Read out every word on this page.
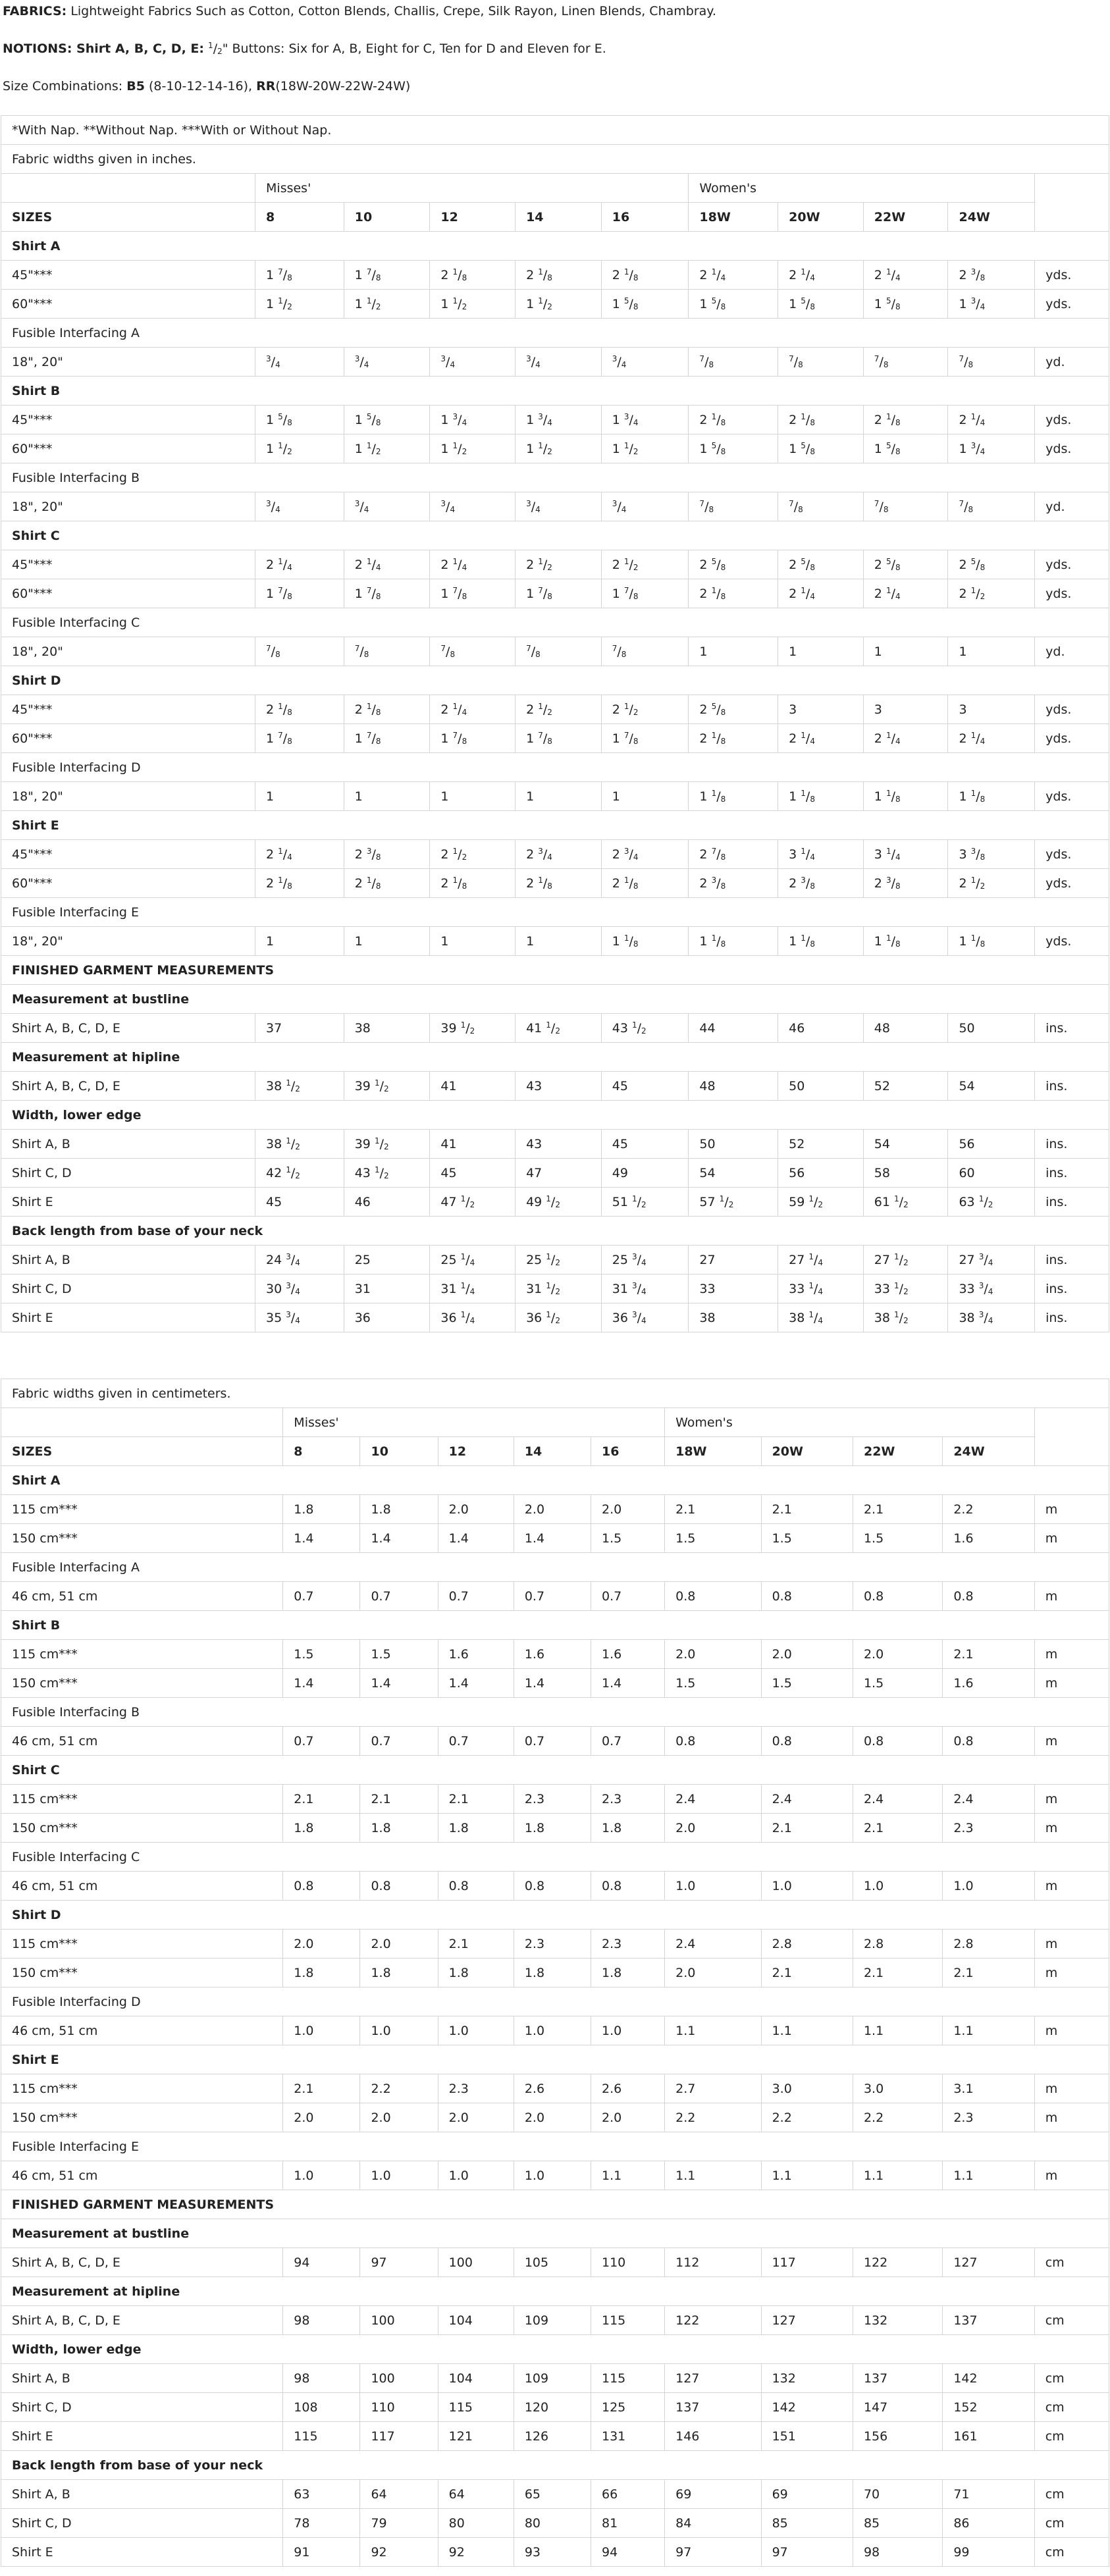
FABRICS: Lightweight Fabrics Such as Cotton, Cotton Blends, Challis, Crepe, Silk Rayon, Linen Blends, Chambray.

NOTIONS: Shirt A, B, C, D, E: $^1/_2$" Buttons: Six for A, B, Eight for C, Ten for D and Eleven for E.

Size Combinations: B5 (8-10-12-14-16), RR(18W-20W-22W-24W)

*With Nap. **Without Nap. ***With or Without Nap.										
Fabric widths given in inches.										
	Misses'					Women's				
SIZES	8	10	12	14	16	18W	20W	22W	24W	
Shirt A										
45"***	1 $^7/_8$	1 $^7/_8$	2 $^1/_8$	2 $^1/_8$	2 $^1/_8$	2 $^1/_4$	2 $^1/_4$	2 $^1/_4$	2 $^3/_8$	yds.
60"***	1 $^1/_2$	1 $^1/_2$	1 $^1/_2$	1 $^1/_2$	1 $^5/_8$	1 $^5/_8$	1 $^5/_8$	1 $^5/_8$	1 $^3/_4$	yds.
Fusible Interfacing A										
18", 20"	$^3/_4$	$^3/_4$	$^3/_4$	$^3/_4$	$^3/_4$	$^7/_8$	$^7/_8$	$^7/_8$	$^7/_8$	yd.
Shirt B										
45"***	1 $^5/_8$	1 $^5/_8$	1 $^3/_4$	1 $^3/_4$	1 $^3/_4$	2 $^1/_8$	2 $^1/_8$	2 $^1/_8$	2 $^1/_4$	yds.
60"***	1 $^1/_2$	1 $^1/_2$	1 $^1/_2$	1 $^1/_2$	1 $^1/_2$	1 $^5/_8$	1 $^5/_8$	1 $^5/_8$	1 $^3/_4$	yds.
Fusible Interfacing B										
18", 20"	$^3/_4$	$^3/_4$	$^3/_4$	$^3/_4$	$^3/_4$	$^7/_8$	$^7/_8$	$^7/_8$	$^7/_8$	yd.
Shirt C										
45"***	2 $^1/_4$	2 $^1/_4$	2 $^1/_4$	2 $^1/_2$	2 $^1/_2$	2 $^5/_8$	2 $^5/_8$	2 $^5/_8$	2 $^5/_8$	yds.
60"***	1 $^7/_8$	1 $^7/_8$	1 $^7/_8$	1 $^7/_8$	1 $^7/_8$	2 $^1/_8$	2 $^1/_4$	2 $^1/_4$	2 $^1/_2$	yds.
Fusible Interfacing C										
18", 20"	$^7/_8$	$^7/_8$	$^7/_8$	$^7/_8$	$^7/_8$	1	1	1	1	yd.
Shirt D										
45"***	2 $^1/_8$	2 $^1/_8$	2 $^1/_4$	2 $^1/_2$	2 $^1/_2$	2 $^5/_8$	3	3	3	yds.
60"***	1 $^7/_8$	1 $^7/_8$	1 $^7/_8$	1 $^7/_8$	1 $^7/_8$	2 $^1/_8$	2 $^1/_4$	2 $^1/_4$	2 $^1/_4$	yds.
Fusible Interfacing D										
18", 20"	1	1	1	1	1	1 $^1/_8$	1 $^1/_8$	1 $^1/_8$	1 $^1/_8$	yds.
Shirt E										
45"***	2 $^1/_4$	2 $^3/_8$	2 $^1/_2$	2 $^3/_4$	2 $^3/_4$	2 $^7/_8$	3 $^1/_4$	3 $^1/_4$	3 $^3/_8$	yds.
60"***	2 $^1/_8$	2 $^1/_8$	2 $^1/_8$	2 $^1/_8$	2 $^1/_8$	2 $^3/_8$	2 $^3/_8$	2 $^3/_8$	2 $^1/_2$	yds.
Fusible Interfacing E										
18", 20"	1	1	1	1	1 $^1/_8$	1 $^1/_8$	1 $^1/_8$	1 $^1/_8$	1 $^1/_8$	yds.
FINISHED GARMENT MEASUREMENTS										
Measurement at bustline										
Shirt A, B, C, D, E	37	38	39 $^1/_2$	41 $^1/_2$	43 $^1/_2$	44	46	48	50	ins.
Measurement at hipline										
Shirt A, B, C, D, E	38 $^1/_2$	39 $^1/_2$	41	43	45	48	50	52	54	ins.
Width, lower edge										
Shirt A, B	38 $^1/_2$	39 $^1/_2$	41	43	45	50	52	54	56	ins.
Shirt C, D	42 $^1/_2$	43 $^1/_2$	45	47	49	54	56	58	60	ins.
Shirt E	45	46	47 $^1/_2$	49 $^1/_2$	51 $^1/_2$	57 $^1/_2$	59 $^1/_2$	61 $^1/_2$	63 $^1/_2$	ins.
Back length from base of your neck										
Shirt A, B	24 $^3/_4$	25	25 $^1/_4$	25 $^1/_2$	25 $^3/_4$	27	27 $^1/_4$	27 $^1/_2$	27 $^3/_4$	ins.
Shirt C, D	30 $^3/_4$	31	31 $^1/_4$	31 $^1/_2$	31 $^3/_4$	33	33 $^1/_4$	33 $^1/_2$	33 $^3/_4$	ins.
Shirt E	35 $^3/_4$	36	36 $^1/_4$	36 $^1/_2$	36 $^3/_4$	38	38 $^1/_4$	38 $^1/_2$	38 $^3/_4$	ins.
Fabric widths given in centimeters.										
	Misses'					Women's				
SIZES	8	10	12	14	16	18W	20W	22W	24W	
Shirt A										
115 cm***	1.8	1.8	2.0	2.0	2.0	2.1	2.1	2.1	2.2	m
150 cm***	1.4	1.4	1.4	1.4	1.5	1.5	1.5	1.5	1.6	m
Fusible Interfacing A										
46 cm, 51 cm	0.7	0.7	0.7	0.7	0.7	0.8	0.8	0.8	0.8	m
Shirt B										
115 cm***	1.5	1.5	1.6	1.6	1.6	2.0	2.0	2.0	2.1	m
150 cm***	1.4	1.4	1.4	1.4	1.4	1.5	1.5	1.5	1.6	m
Fusible Interfacing B										
46 cm, 51 cm	0.7	0.7	0.7	0.7	0.7	0.8	0.8	0.8	0.8	m
Shirt C										
115 cm***	2.1	2.1	2.1	2.3	2.3	2.4	2.4	2.4	2.4	m
150 cm***	1.8	1.8	1.8	1.8	1.8	2.0	2.1	2.1	2.3	m
Fusible Interfacing C										
46 cm, 51 cm	0.8	0.8	0.8	0.8	0.8	1.0	1.0	1.0	1.0	m
Shirt D										
115 cm***	2.0	2.0	2.1	2.3	2.3	2.4	2.8	2.8	2.8	m
150 cm***	1.8	1.8	1.8	1.8	1.8	2.0	2.1	2.1	2.1	m
Fusible Interfacing D										
46 cm, 51 cm	1.0	1.0	1.0	1.0	1.0	1.1	1.1	1.1	1.1	m
Shirt E										
115 cm***	2.1	2.2	2.3	2.6	2.6	2.7	3.0	3.0	3.1	m
150 cm***	2.0	2.0	2.0	2.0	2.0	2.2	2.2	2.2	2.3	m
Fusible Interfacing E										
46 cm, 51 cm	1.0	1.0	1.0	1.0	1.1	1.1	1.1	1.1	1.1	m
FINISHED GARMENT MEASUREMENTS										
Measurement at bustline										
Shirt A, B, C, D, E	94	97	100	105	110	112	117	122	127	cm
Measurement at hipline										
Shirt A, B, C, D, E	98	100	104	109	115	122	127	132	137	cm
Width, lower edge										
Shirt A, B	98	100	104	109	115	127	132	137	142	cm
Shirt C, D	108	110	115	120	125	137	142	147	152	cm
Shirt E	115	117	121	126	131	146	151	156	161	cm
Back length from base of your neck										
Shirt A, B	63	64	64	65	66	69	69	70	71	cm
Shirt C, D	78	79	80	80	81	84	85	85	86	cm
Shirt E	91	92	92	93	94	97	97	98	99	cm
